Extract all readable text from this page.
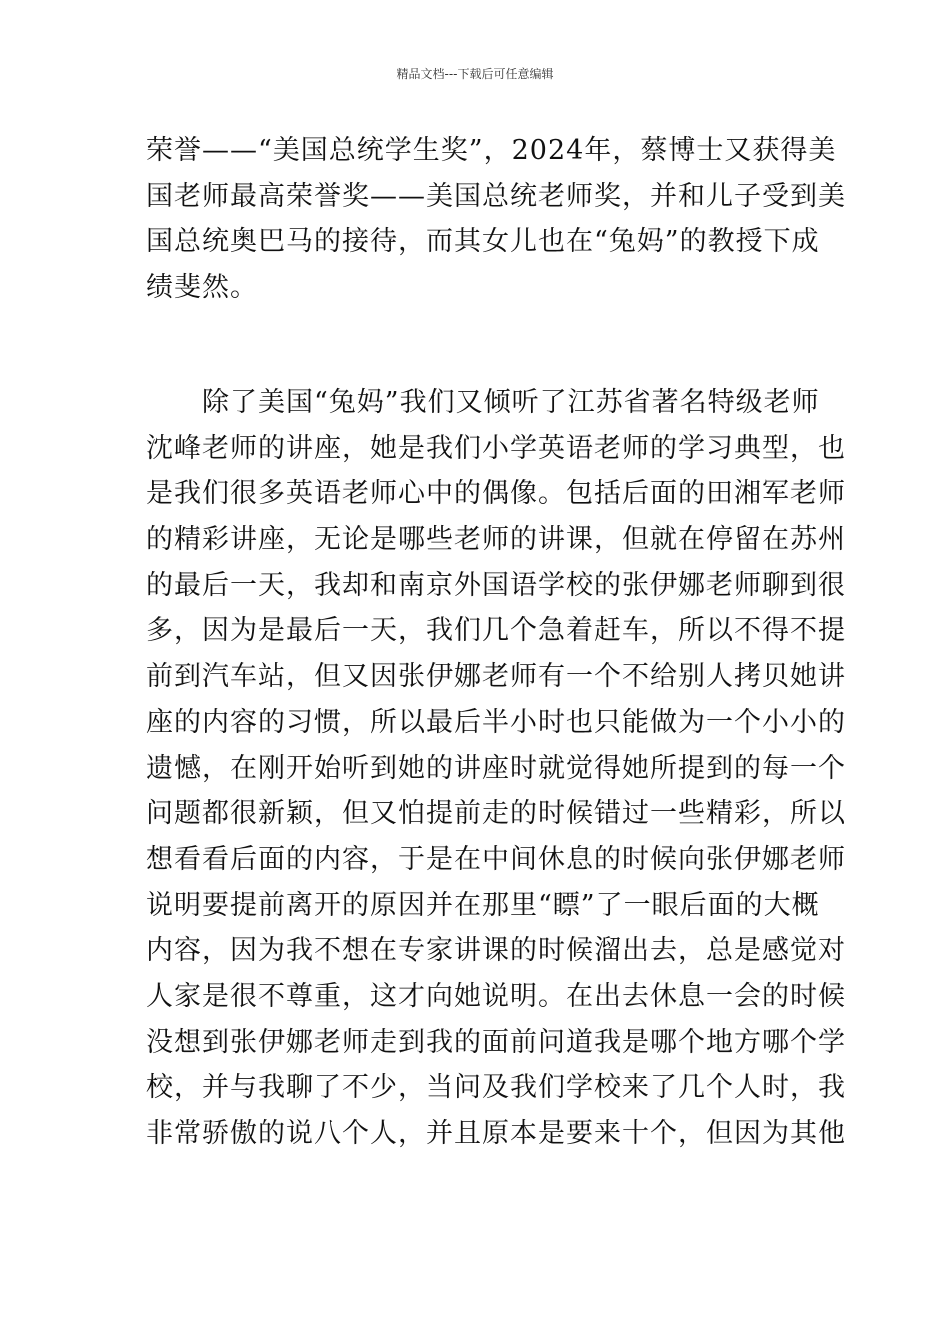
精品文档---下载后可任意编辑
荣誉——“美国总统学生奖”，2024年，蔡博士又获得美
国老师最高荣誉奖——美国总统老师奖，并和儿子受到美
国总统奥巴马的接待，而其女儿也在“兔妈”的教授下成
绩斐然。
　　除了美国“兔妈”我们又倾听了江苏省著名特级老师
沈峰老师的讲座，她是我们小学英语老师的学习典型，也
是我们很多英语老师心中的偶像。包括后面的田湘军老师
的精彩讲座，无论是哪些老师的讲课，但就在停留在苏州
的最后一天，我却和南京外国语学校的张伊娜老师聊到很
多，因为是最后一天，我们几个急着赶车，所以不得不提
前到汽车站，但又因张伊娜老师有一个不给别人拷贝她讲
座的内容的习惯，所以最后半小时也只能做为一个小小的
遗憾，在刚开始听到她的讲座时就觉得她所提到的每一个
问题都很新颖，但又怕提前走的时候错过一些精彩，所以
想看看后面的内容，于是在中间休息的时候向张伊娜老师
说明要提前离开的原因并在那里“瞟”了一眼后面的大概
内容，因为我不想在专家讲课的时候溜出去，总是感觉对
人家是很不尊重，这才向她说明。在出去休息一会的时候
没想到张伊娜老师走到我的面前问道我是哪个地方哪个学
校，并与我聊了不少，当问及我们学校来了几个人时，我
非常骄傲的说八个人，并且原本是要来十个，但因为其他
